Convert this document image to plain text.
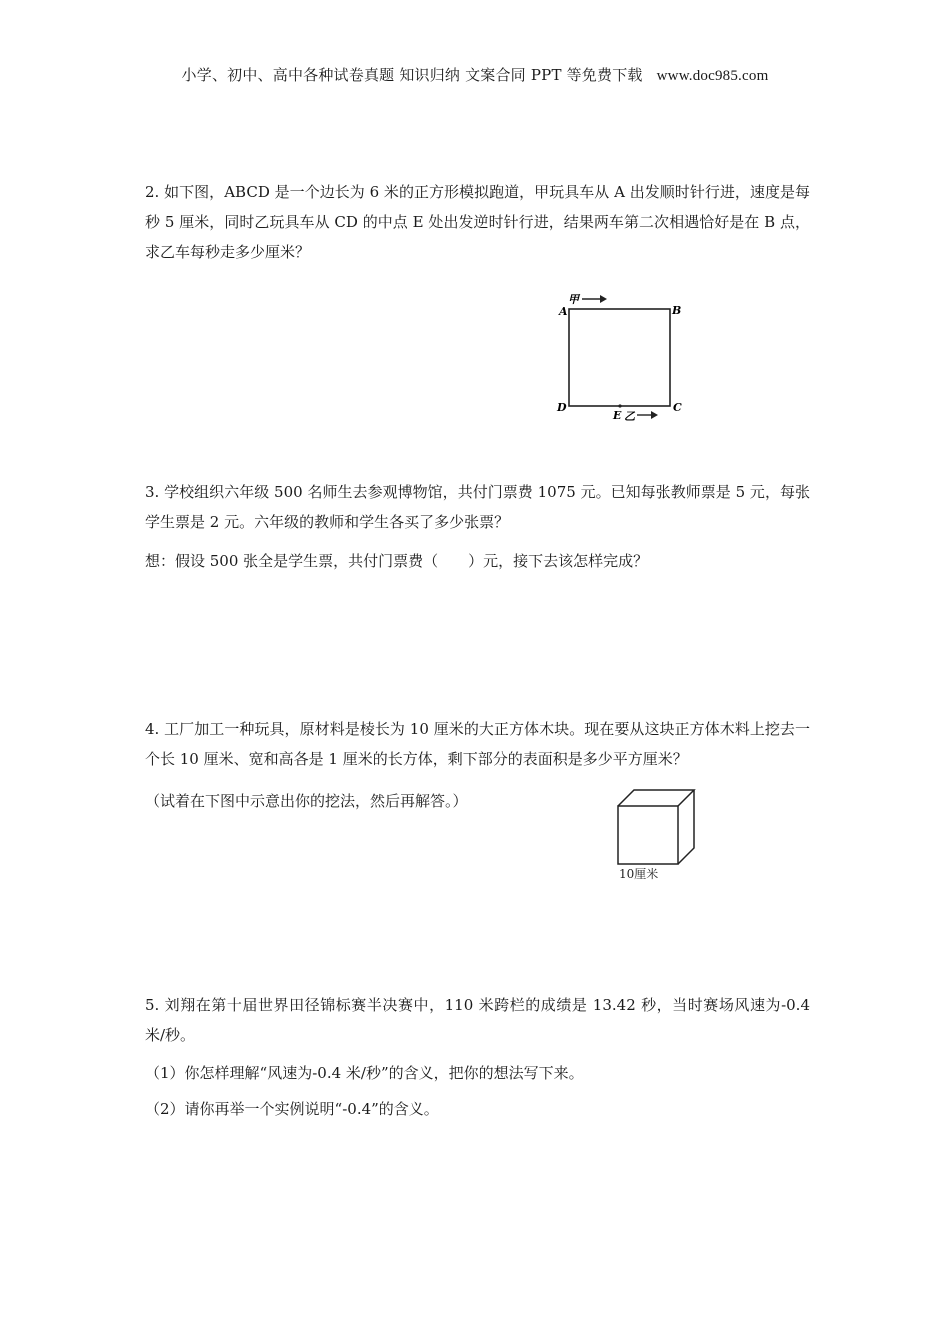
小学、初中、高中各种试卷真题 知识归纳 文案合同 PPT 等免费下载 www.doc985.com
2. 如下图，ABCD 是一个边长为 6 米的正方形模拟跑道，甲玩具车从 A 出发顺时针行进，速度是每秒 5 厘米，同时乙玩具车从 CD 的中点 E 处出发逆时针行进，结果两车第二次相遇恰好是在 B 点，求乙车每秒走多少厘米？
甲
A	B
D	C
E 乙
3. 学校组织六年级 500 名师生去参观博物馆，共付门票费 1075 元。已知每张教师票是 5 元，每张学生票是 2 元。六年级的教师和学生各买了多少张票？
想：假设 500 张全是学生票，共付门票费（　　）元，接下去该怎样完成？
4. 工厂加工一种玩具，原材料是棱长为 10 厘米的大正方体木块。现在要从这块正方体木料上挖去一个长 10 厘米、宽和高各是 1 厘米的长方体，剩下部分的表面积是多少平方厘米？
（试着在下图中示意出你的挖法，然后再解答。）
10厘米
5. 刘翔在第十届世界田径锦标赛半决赛中，110 米跨栏的成绩是 13.42 秒，当时赛场风速为-0.4 米/秒。
（1）你怎样理解“风速为-0.4 米/秒”的含义，把你的想法写下来。
（2）请你再举一个实例说明“-0.4”的含义。
